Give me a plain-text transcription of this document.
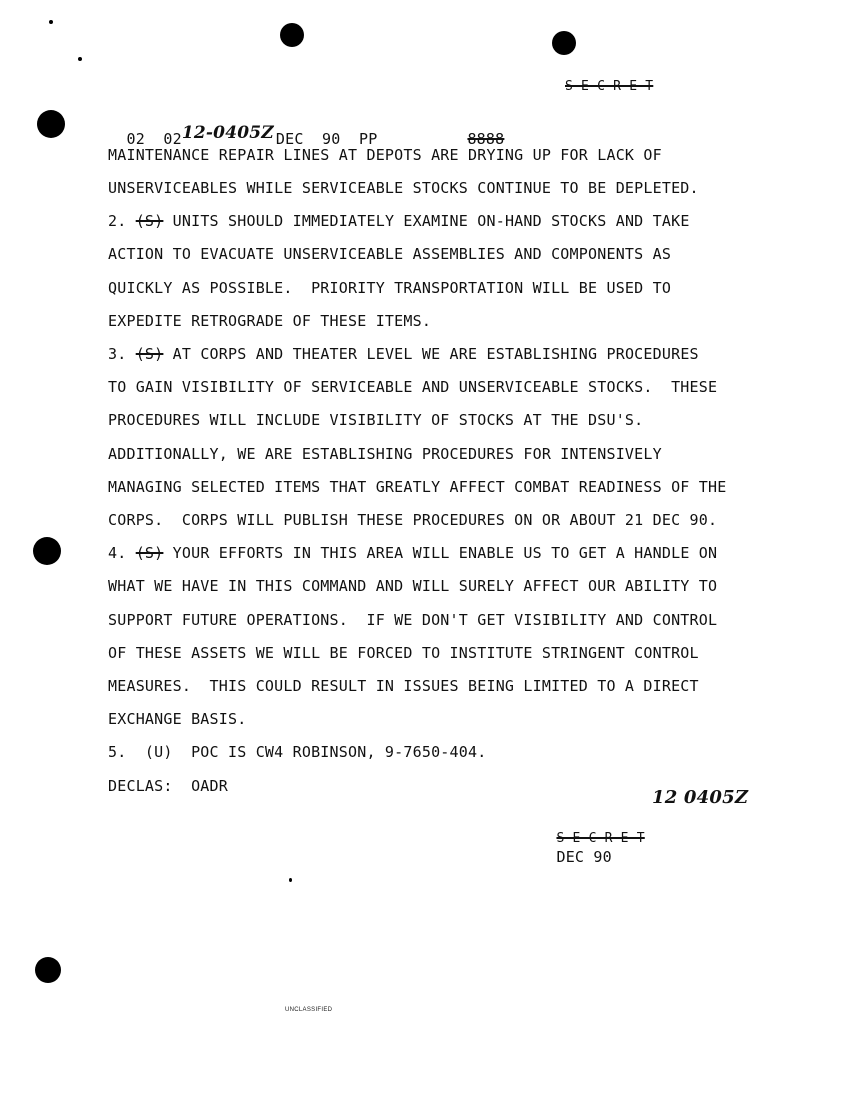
S E C R E T

02  0212-0405Z DEC  90  PP	8888

MAINTENANCE REPAIR LINES AT DEPOTS ARE DRYING UP FOR LACK OF
UNSERVICEABLES WHILE SERVICEABLE STOCKS CONTINUE TO BE DEPLETED.
2. (S) UNITS SHOULD IMMEDIATELY EXAMINE ON-HAND STOCKS AND TAKE
ACTION TO EVACUATE UNSERVICEABLE ASSEMBLIES AND COMPONENTS AS
QUICKLY AS POSSIBLE.  PRIORITY TRANSPORTATION WILL BE USED TO
EXPEDITE RETROGRADE OF THESE ITEMS.
3. (S) AT CORPS AND THEATER LEVEL WE ARE ESTABLISHING PROCEDURES
TO GAIN VISIBILITY OF SERVICEABLE AND UNSERVICEABLE STOCKS.  THESE
PROCEDURES WILL INCLUDE VISIBILITY OF STOCKS AT THE DSU'S.
ADDITIONALLY, WE ARE ESTABLISHING PROCEDURES FOR INTENSIVELY
MANAGING SELECTED ITEMS THAT GREATLY AFFECT COMBAT READINESS OF THE
CORPS.  CORPS WILL PUBLISH THESE PROCEDURES ON OR ABOUT 21 DEC 90.
4. (S) YOUR EFFORTS IN THIS AREA WILL ENABLE US TO GET A HANDLE ON
WHAT WE HAVE IN THIS COMMAND AND WILL SURELY AFFECT OUR ABILITY TO
SUPPORT FUTURE OPERATIONS.  IF WE DON'T GET VISIBILITY AND CONTROL
OF THESE ASSETS WE WILL BE FORCED TO INSTITUTE STRINGENT CONTROL
MEASURES.  THIS COULD RESULT IN ISSUES BEING LIMITED TO A DIRECT
EXCHANGE BASIS.
5.  (U)  POC IS CW4 ROBINSON, 9-7650-404.
DECLAS:  OADR
12 0405Z

S E C R E T
DEC 90

UNCLASSIFIED
